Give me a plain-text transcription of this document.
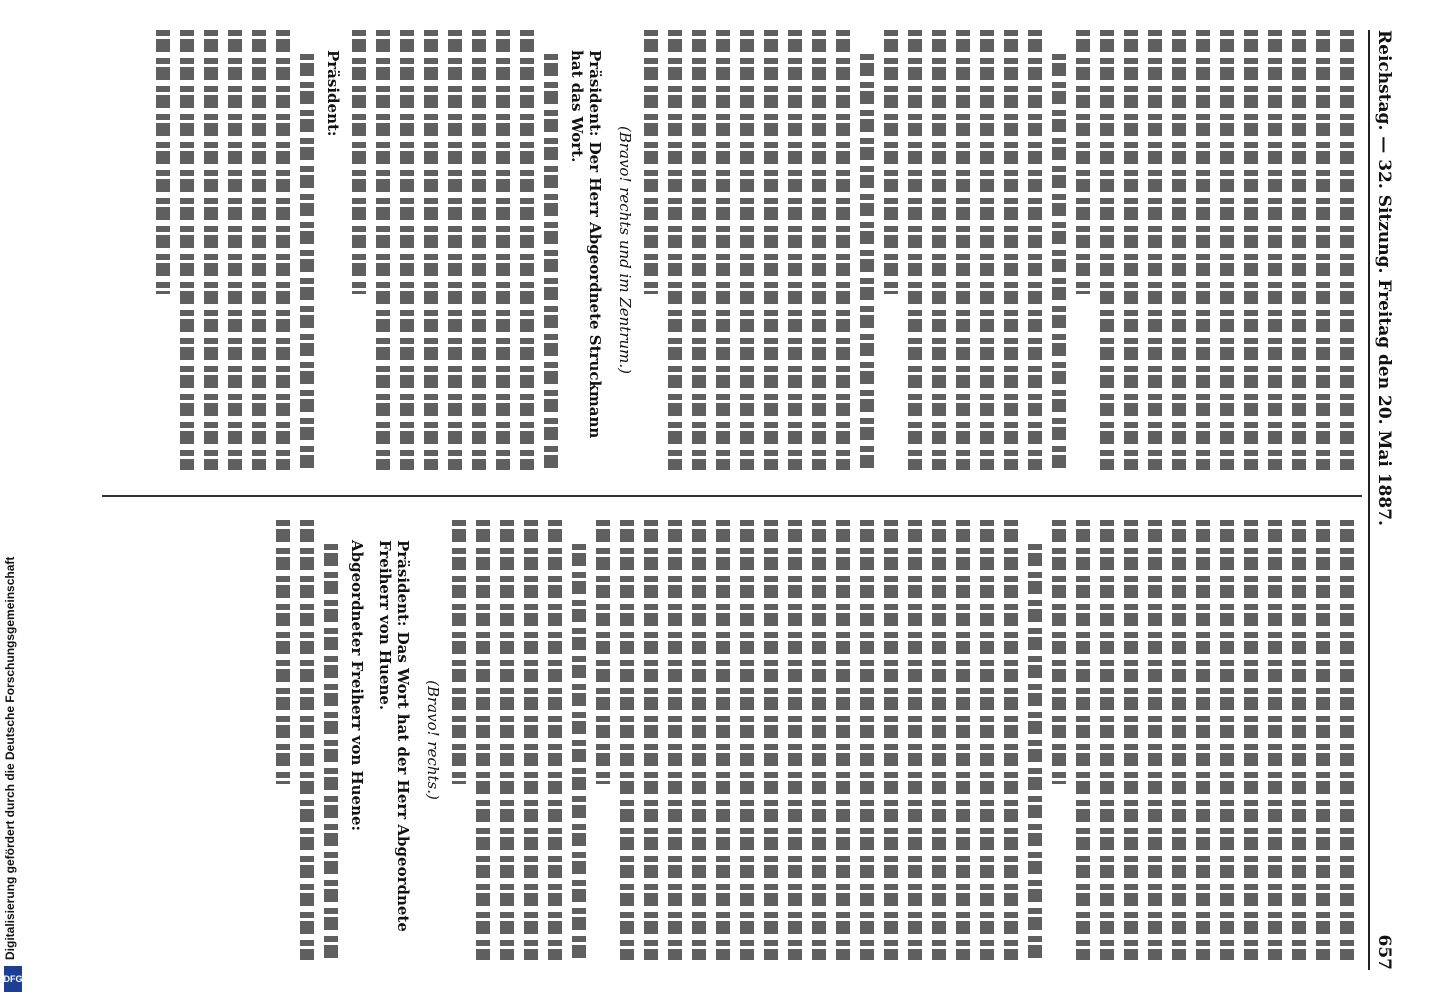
DFG
Digitalisierung gefördert durch die Deutsche Forschungsgemeinschaft
Reichstag. — 32. Sitzung. Freitag den 20. Mai 1887.
657
(Bravo! rechts und im Zentrum.)
Präsident: Der Herr Abgeordnete Struckmann hat das Wort.
Präsident:
(Bravo! rechts.)
Präsident: Das Wort hat der Herr Abgeordnete Freiherr von Huene.
Abgeordneter Freiherr von Huene:
